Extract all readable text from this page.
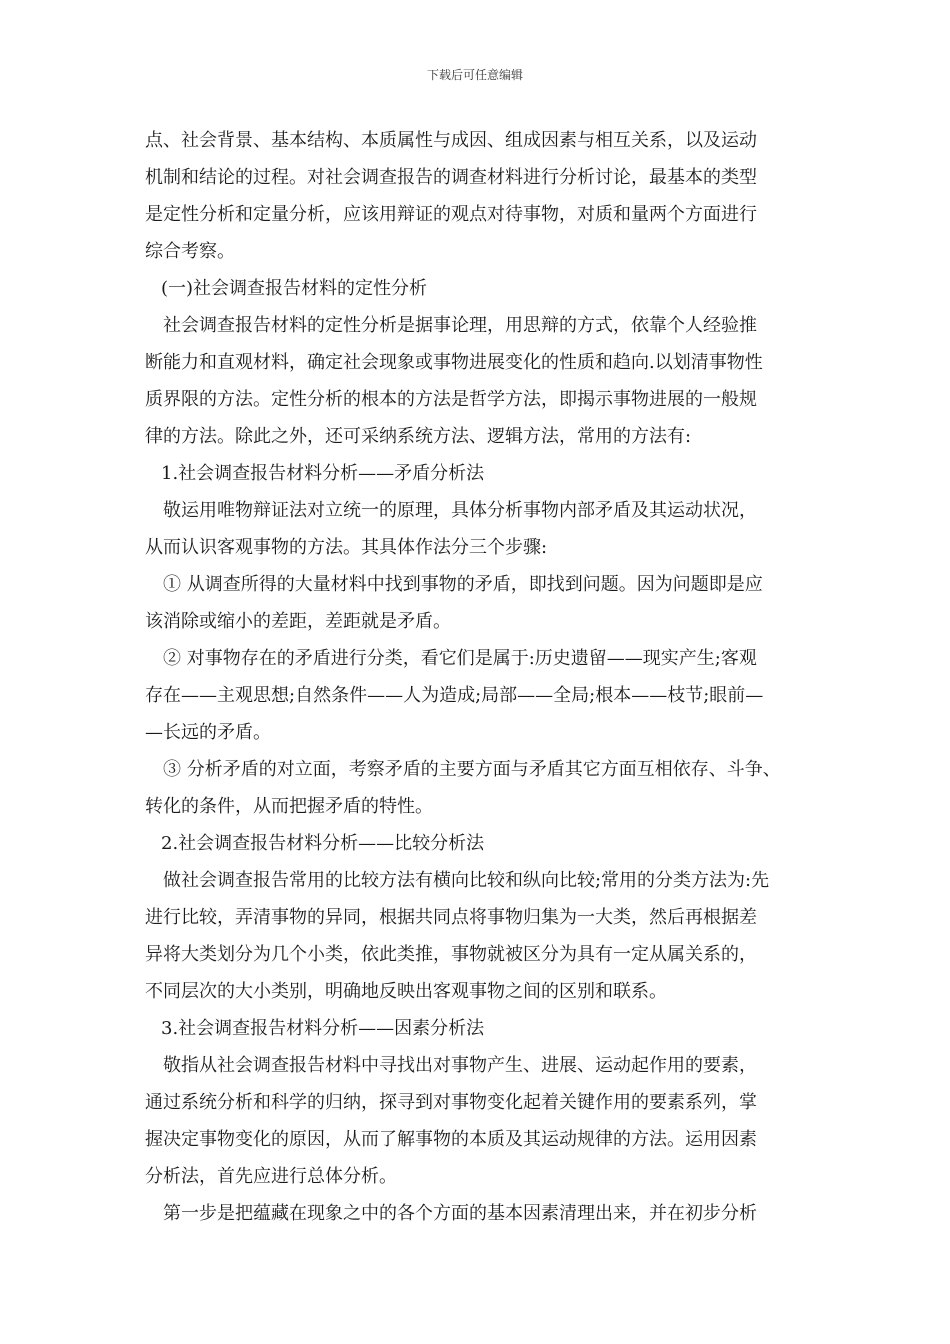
下载后可任意编辑
点、社会背景、基本结构、本质属性与成因、组成因素与相互关系，以及运动
机制和结论的过程。对社会调查报告的调查材料进行分析讨论，最基本的类型
是定性分析和定量分析，应该用辩证的观点对待事物，对质和量两个方面进行
综合考察。
(一)社会调查报告材料的定性分析
社会调查报告材料的定性分析是据事论理，用思辩的方式，依靠个人经验推
断能力和直观材料，确定社会现象或事物进展变化的性质和趋向.以划清事物性
质界限的方法。定性分析的根本的方法是哲学方法，即揭示事物进展的一般规
律的方法。除此之外，还可采纳系统方法、逻辑方法，常用的方法有:
1.社会调查报告材料分析——矛盾分析法
敬运用唯物辩证法对立统一的原理，具体分析事物内部矛盾及其运动状况，
从而认识客观事物的方法。其具体作法分三个步骤:
① 从调查所得的大量材料中找到事物的矛盾，即找到问题。因为问题即是应
该消除或缩小的差距，差距就是矛盾。
② 对事物存在的矛盾进行分类，看它们是属于:历史遗留——现实产生;客观
存在——主观思想;自然条件——人为造成;局部——全局;根本——枝节;眼前—
—长远的矛盾。
③ 分析矛盾的对立面，考察矛盾的主要方面与矛盾其它方面互相依存、斗争、
转化的条件，从而把握矛盾的特性。
2.社会调查报告材料分析——比较分析法
做社会调查报告常用的比较方法有横向比较和纵向比较;常用的分类方法为:先
进行比较，弄清事物的异同，根据共同点将事物归集为一大类，然后再根据差
异将大类划分为几个小类，依此类推，事物就被区分为具有一定从属关系的，
不同层次的大小类别，明确地反映出客观事物之间的区别和联系。
3.社会调查报告材料分析——因素分析法
敬指从社会调查报告材料中寻找出对事物产生、进展、运动起作用的要素，
通过系统分析和科学的归纳，探寻到对事物变化起着关键作用的要素系列，掌
握决定事物变化的原因，从而了解事物的本质及其运动规律的方法。运用因素
分析法，首先应进行总体分析。
第一步是把蕴藏在现象之中的各个方面的基本因素清理出来，并在初步分析
